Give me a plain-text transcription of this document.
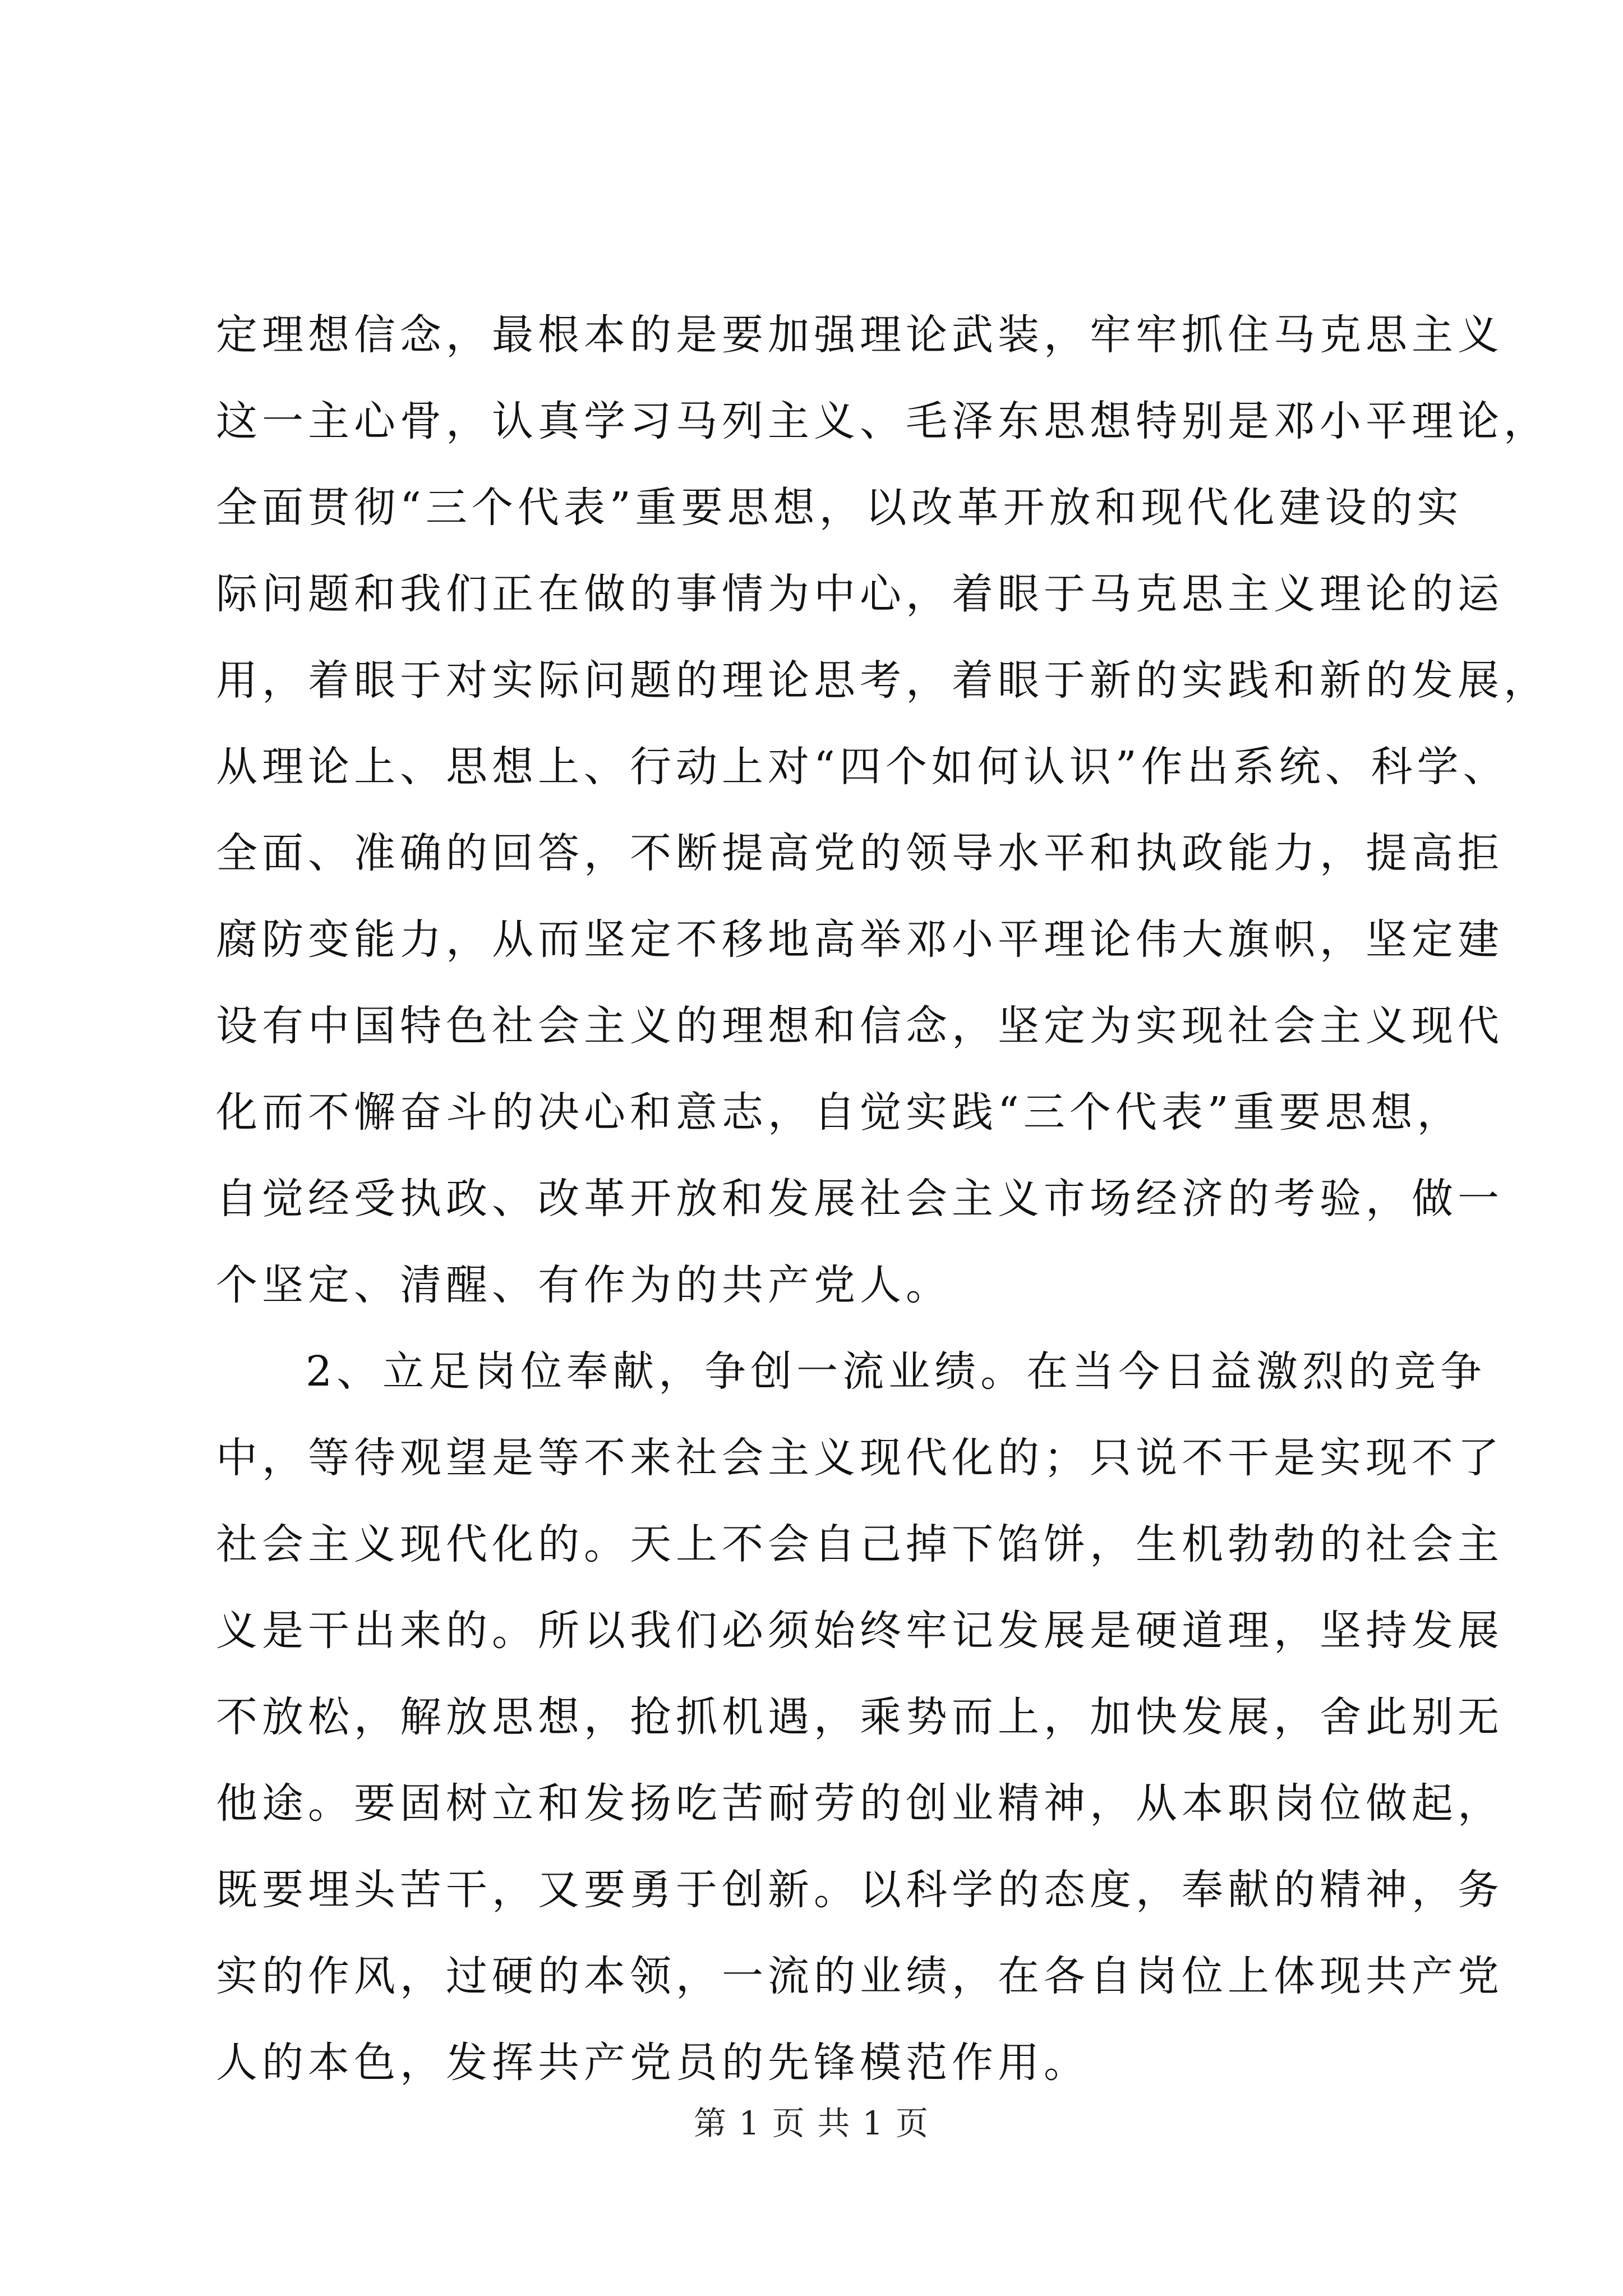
定理想信念，最根本的是要加强理论武装，牢牢抓住马克思主义
这一主心骨，认真学习马列主义、毛泽东思想特别是邓小平理论，
全面贯彻“三个代表”重要思想，以改革开放和现代化建设的实
际问题和我们正在做的事情为中心，着眼于马克思主义理论的运
用，着眼于对实际问题的理论思考，着眼于新的实践和新的发展，
从理论上、思想上、行动上对“四个如何认识”作出系统、科学、
全面、准确的回答，不断提高党的领导水平和执政能力，提高拒
腐防变能力，从而坚定不移地高举邓小平理论伟大旗帜，坚定建
设有中国特色社会主义的理想和信念，坚定为实现社会主义现代
化而不懈奋斗的决心和意志，自觉实践“三个代表”重要思想，
自觉经受执政、改革开放和发展社会主义市场经济的考验，做一
个坚定、清醒、有作为的共产党人。
2、立足岗位奉献，争创一流业绩。在当今日益激烈的竞争
中，等待观望是等不来社会主义现代化的；只说不干是实现不了
社会主义现代化的。天上不会自己掉下馅饼，生机勃勃的社会主
义是干出来的。所以我们必须始终牢记发展是硬道理，坚持发展
不放松，解放思想，抢抓机遇，乘势而上，加快发展，舍此别无
他途。要固树立和发扬吃苦耐劳的创业精神，从本职岗位做起，
既要埋头苦干，又要勇于创新。以科学的态度，奉献的精神，务
实的作风，过硬的本领，一流的业绩，在各自岗位上体现共产党
人的本色，发挥共产党员的先锋模范作用。
第 1 页 共 1 页
